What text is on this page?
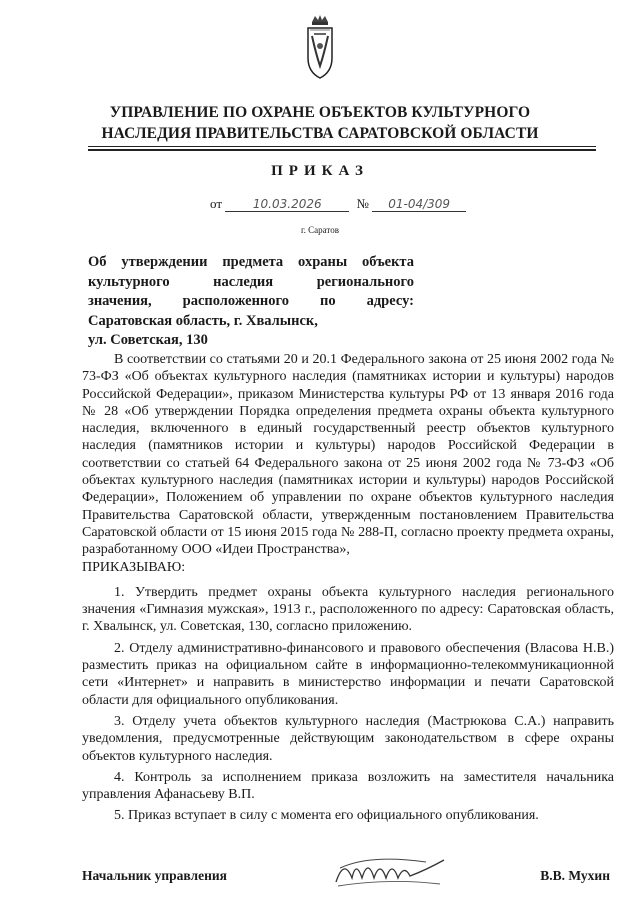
УПРАВЛЕНИЕ ПО ОХРАНЕ ОБЪЕКТОВ КУЛЬТУРНОГО
НАСЛЕДИЯ ПРАВИТЕЛЬСТВА САРАТОВСКОЙ ОБЛАСТИ
ПРИКАЗ
от	10.03.2026	№ 01-04/309
г. Саратов
Об утверждении предмета охраны объекта
культурного наследия регионального
значения, расположенного по адресу:
Саратовская область, г. Хвалынск,
ул. Советская, 130

В соответствии со статьями 20 и 20.1 Федерального закона от 25 июня 2002 года № 73-ФЗ «Об объектах культурного наследия (памятниках истории и культуры) народов Российской Федерации», приказом Министерства культуры РФ от 13 января 2016 года № 28 «Об утверждении Порядка определения предмета охраны объекта культурного наследия, включенного в единый государственный реестр объектов культурного наследия (памятников истории и культуры) народов Российской Федерации в соответствии со статьей 64 Федерального закона от 25 июня 2002 года № 73-ФЗ «Об объектах культурного наследия (памятниках истории и культуры) народов Российской Федерации», Положением об управлении по охране объектов культурного наследия Правительства Саратовской области, утвержденным постановлением Правительства Саратовской области от 15 июня 2015 года № 288-П, согласно проекту предмета охраны, разработанному ООО «Идеи Пространства»,

ПРИКАЗЫВАЮ:

1. Утвердить предмет охраны объекта культурного наследия регионального значения «Гимназия мужская», 1913 г., расположенного по адресу: Саратовская область, г. Хвалынск, ул. Советская, 130, согласно приложению.

2. Отделу административно-финансового и правового обеспечения (Власова Н.В.) разместить приказ на официальном сайте в информационно-телекоммуникационной сети «Интернет» и направить в министерство информации и печати Саратовской области для официального опубликования.

3. Отделу учета объектов культурного наследия (Мастрюкова С.А.) направить уведомления, предусмотренные действующим законодательством в сфере охраны объектов культурного наследия.

4. Контроль за исполнением приказа возложить на заместителя начальника управления Афанасьеву В.П.

5. Приказ вступает в силу с момента его официального опубликования.

Начальник управления	В.В. Мухин
